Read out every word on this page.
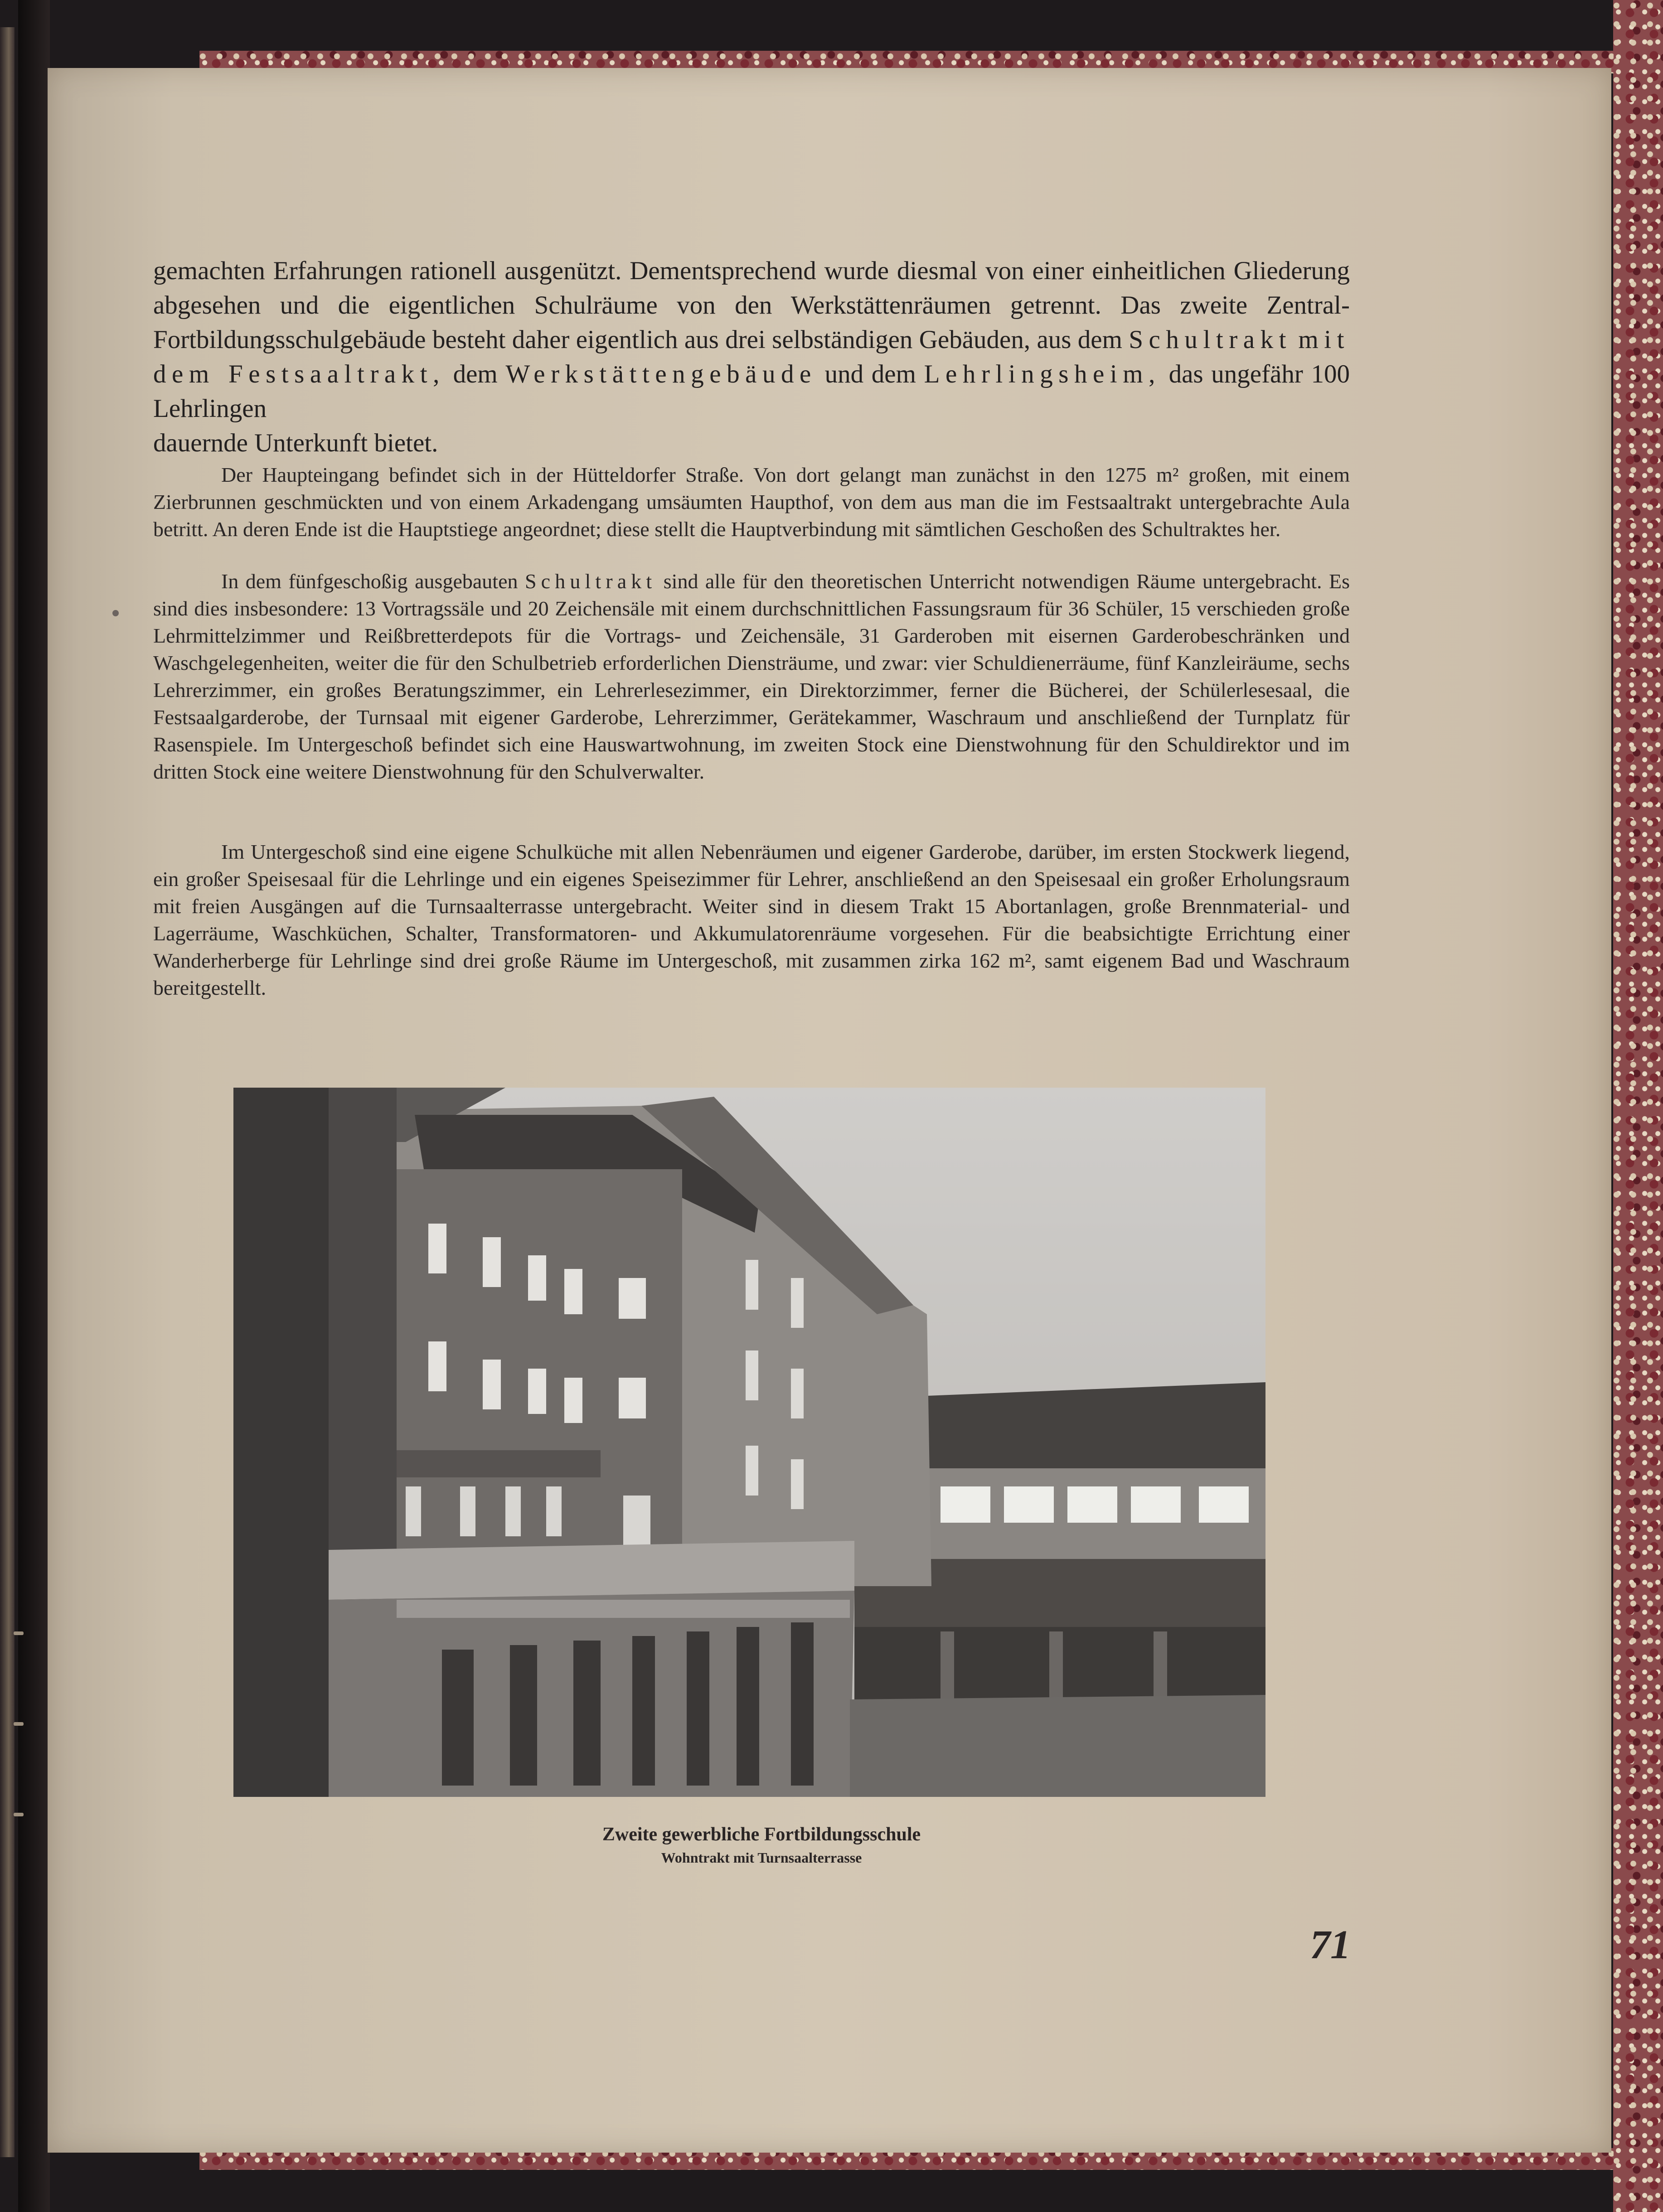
gemachten Erfahrungen rationell ausgenützt. Dementsprechend wurde diesmal von einer einheitlichen Gliederung abgesehen und die eigentlichen Schulräume von den Werkstättenräumen getrennt. Das zweite Zentral-Fortbildungsschulgebäude besteht daher eigentlich aus drei selbständigen Gebäuden, aus dem Schultrakt mit dem Festsaaltrakt, dem Werkstättengebäude und dem Lehrlingsheim, das ungefähr 100 Lehrlingen
dauernde Unterkunft bietet.

Der Haupteingang befindet sich in der Hütteldorfer Straße. Von dort gelangt man zunächst in den 1275 m² großen, mit einem Zierbrunnen geschmückten und von einem Arkadengang umsäumten Haupthof, von dem aus man die im Festsaaltrakt untergebrachte Aula betritt. An deren Ende ist die Hauptstiege angeordnet; diese stellt die Hauptverbindung mit sämtlichen Geschoßen des Schultraktes her.

In dem fünfgeschoßig ausgebauten Schultrakt sind alle für den theoretischen Unterricht notwendigen Räume untergebracht. Es sind dies insbesondere: 13 Vortragssäle und 20 Zeichensäle mit einem durchschnittlichen Fassungsraum für 36 Schüler, 15 verschieden große Lehrmittelzimmer und Reißbretterdepots für die Vortrags- und Zeichensäle, 31 Garderoben mit eisernen Garderobeschränken und Waschgelegenheiten, weiter die für den Schulbetrieb erforderlichen Diensträume, und zwar: vier Schuldienerräume, fünf Kanzleiräume, sechs Lehrerzimmer, ein großes Beratungszimmer, ein Lehrerlesezimmer, ein Direktorzimmer, ferner die Bücherei, der Schülerlesesaal, die Festsaalgarderobe, der Turnsaal mit eigener Garderobe, Lehrerzimmer, Gerätekammer, Waschraum und anschließend der Turnplatz für Rasenspiele. Im Untergeschoß befindet sich eine Hauswartwohnung, im zweiten Stock eine Dienstwohnung für den Schuldirektor und im dritten Stock eine weitere Dienstwohnung für den Schulverwalter.

Im Untergeschoß sind eine eigene Schulküche mit allen Nebenräumen und eigener Garderobe, darüber, im ersten Stockwerk liegend, ein großer Speisesaal für die Lehrlinge und ein eigenes Speisezimmer für Lehrer, anschließend an den Speisesaal ein großer Erholungsraum mit freien Ausgängen auf die Turnsaalterrasse untergebracht. Weiter sind in diesem Trakt 15 Abortanlagen, große Brennmaterial- und Lagerräume, Waschküchen, Schalter, Transformatoren- und Akkumulatorenräume vorgesehen. Für die beabsichtigte Errichtung einer Wanderherberge für Lehrlinge sind drei große Räume im Untergeschoß, mit zusammen zirka 162 m², samt eigenem Bad und Waschraum bereitgestellt.

Zweite gewerbliche Fortbildungsschule
Wohntrakt mit Turnsaalterrasse
71
